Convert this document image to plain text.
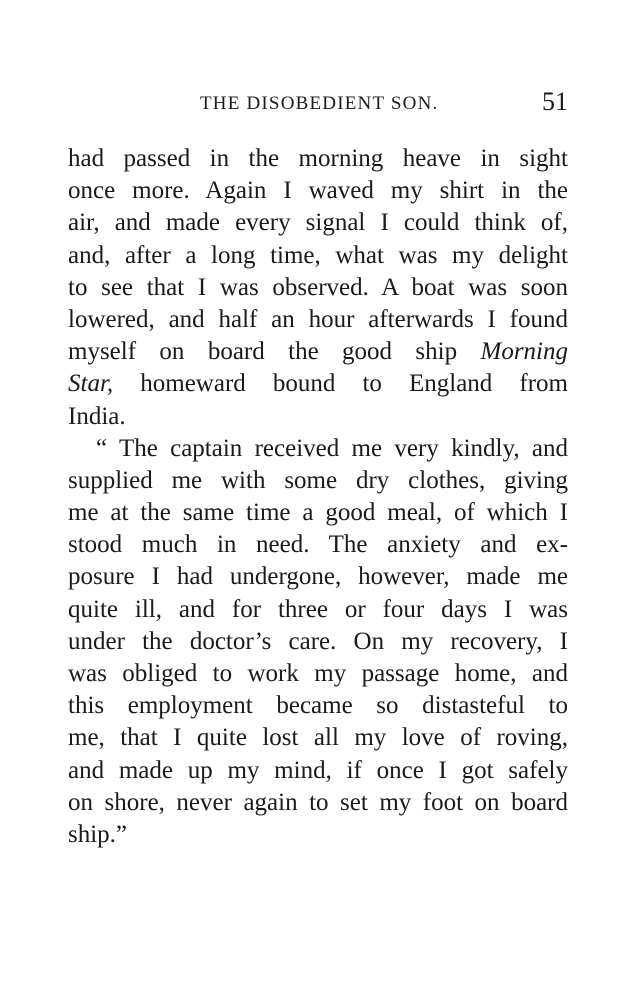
THE DISOBEDIENT SON.	51
had passed in the morning heave in sight
once more. Again I waved my shirt in the
air, and made every signal I could think of,
and, after a long time, what was my delight
to see that I was observed. A boat was soon
lowered, and half an hour afterwards I found
myself on board the good ship Morning
Star, homeward bound to England from
India.
“ The captain received me very kindly, and
supplied me with some dry clothes, giving
me at the same time a good meal, of which I
stood much in need. The anxiety and ex-
posure I had undergone, however, made me
quite ill, and for three or four days I was
under the doctor’s care. On my recovery, I
was obliged to work my passage home, and
this employment became so distasteful to
me, that I quite lost all my love of roving,
and made up my mind, if once I got safely
on shore, never again to set my foot on board
ship.”
